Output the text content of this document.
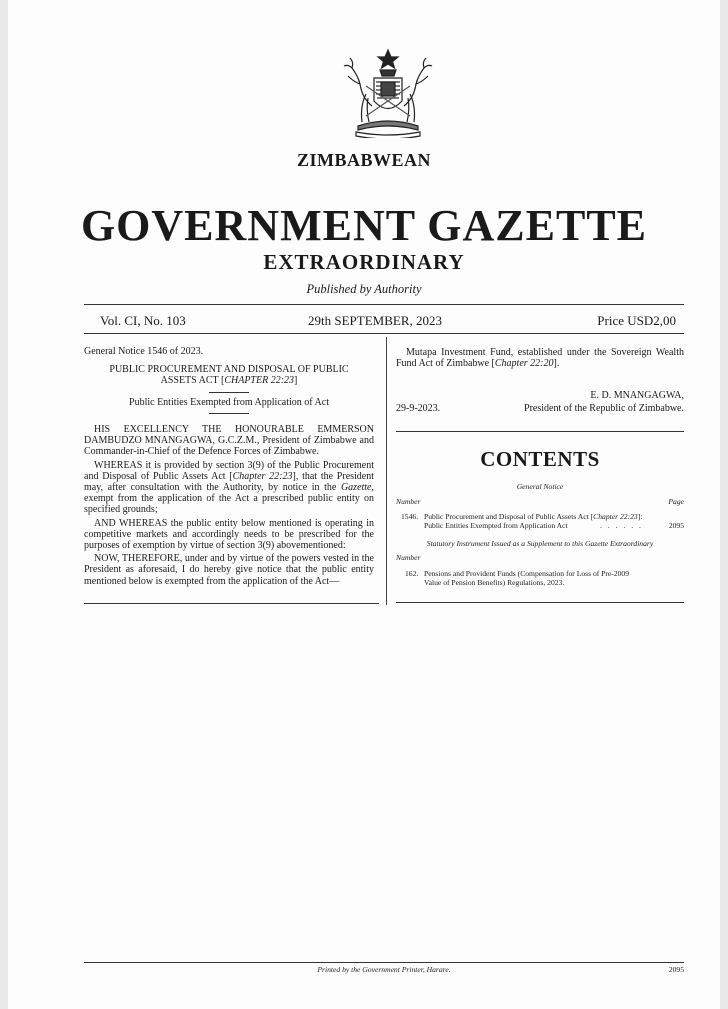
ZIMBABWEAN
GOVERNMENT GAZETTE
EXTRAORDINARY
Published by Authority
Vol. CI, No. 103	29th SEPTEMBER, 2023	Price USD2,00
General Notice 1546 of 2023.
PUBLIC PROCUREMENT AND DISPOSAL OF PUBLIC
ASSETS ACT [CHAPTER 22:23]
Public Entities Exempted from Application of Act

HIS EXCELLENCY THE HONOURABLE EMMERSON DAMBUDZO MNANGAGWA, G.C.Z.M., President of Zimbabwe and Commander-in-Chief of the Defence Forces of Zimbabwe.

WHEREAS it is provided by section 3(9) of the Public Procurement and Disposal of Public Assets Act [Chapter 22:23], that the President may, after consultation with the Authority, by notice in the Gazette, exempt from the application of the Act a prescribed public entity on specified grounds;

AND WHEREAS the public entity below mentioned is operating in competitive markets and accordingly needs to be prescribed for the purposes of exemption by virtue of section 3(9) abovementioned:

NOW, THEREFORE, under and by virtue of the powers vested in the President as aforesaid, I do hereby give notice that the public entity mentioned below is exempted from the application of the Act—

Mutapa Investment Fund, established under the Sovereign Wealth Fund Act of Zimbabwe [Chapter 22:20].

E. D. MNANGAGWA,
29-9-2023.	President of the Republic of Zimbabwe.
CONTENTS
General Notice
Number	Page
1546. Public Procurement and Disposal of Public Assets Act [Chapter 22:23]:
Public Entities Exempted from Application Act	. . . . . .	2095
Statutory Instrument Issued as a Supplement to this Gazette Extraordinary
Number
162. Pensions and Provident Funds (Compensation for Loss of Pre-2009
Value of Pension Benefits) Regulations, 2023.
Printed by the Government Printer, Harare.	2095
